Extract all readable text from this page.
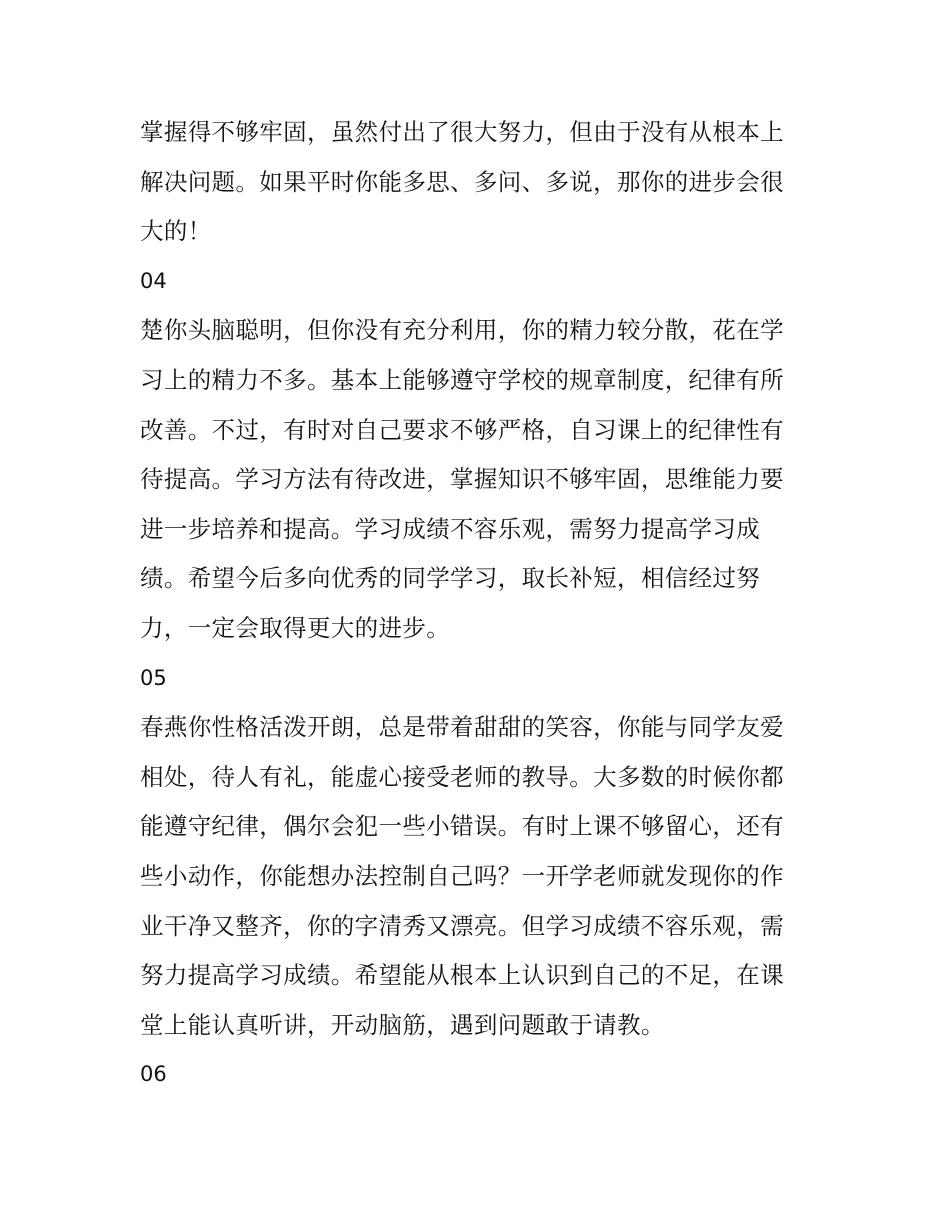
掌握得不够牢固，虽然付出了很大努力，但由于没有从根本上
解决问题。如果平时你能多思、多问、多说，那你的进步会很
大的！
04
楚你头脑聪明，但你没有充分利用，你的精力较分散，花在学
习上的精力不多。基本上能够遵守学校的规章制度，纪律有所
改善。不过，有时对自己要求不够严格，自习课上的纪律性有
待提高。学习方法有待改进，掌握知识不够牢固，思维能力要
进一步培养和提高。学习成绩不容乐观，需努力提高学习成
绩。希望今后多向优秀的同学学习，取长补短，相信经过努
力，一定会取得更大的进步。
05
春燕你性格活泼开朗，总是带着甜甜的笑容，你能与同学友爱
相处，待人有礼，能虚心接受老师的教导。大多数的时候你都
能遵守纪律，偶尔会犯一些小错误。有时上课不够留心，还有
些小动作，你能想办法控制自己吗？一开学老师就发现你的作
业干净又整齐，你的字清秀又漂亮。但学习成绩不容乐观，需
努力提高学习成绩。希望能从根本上认识到自己的不足，在课
堂上能认真听讲，开动脑筋，遇到问题敢于请教。
06
